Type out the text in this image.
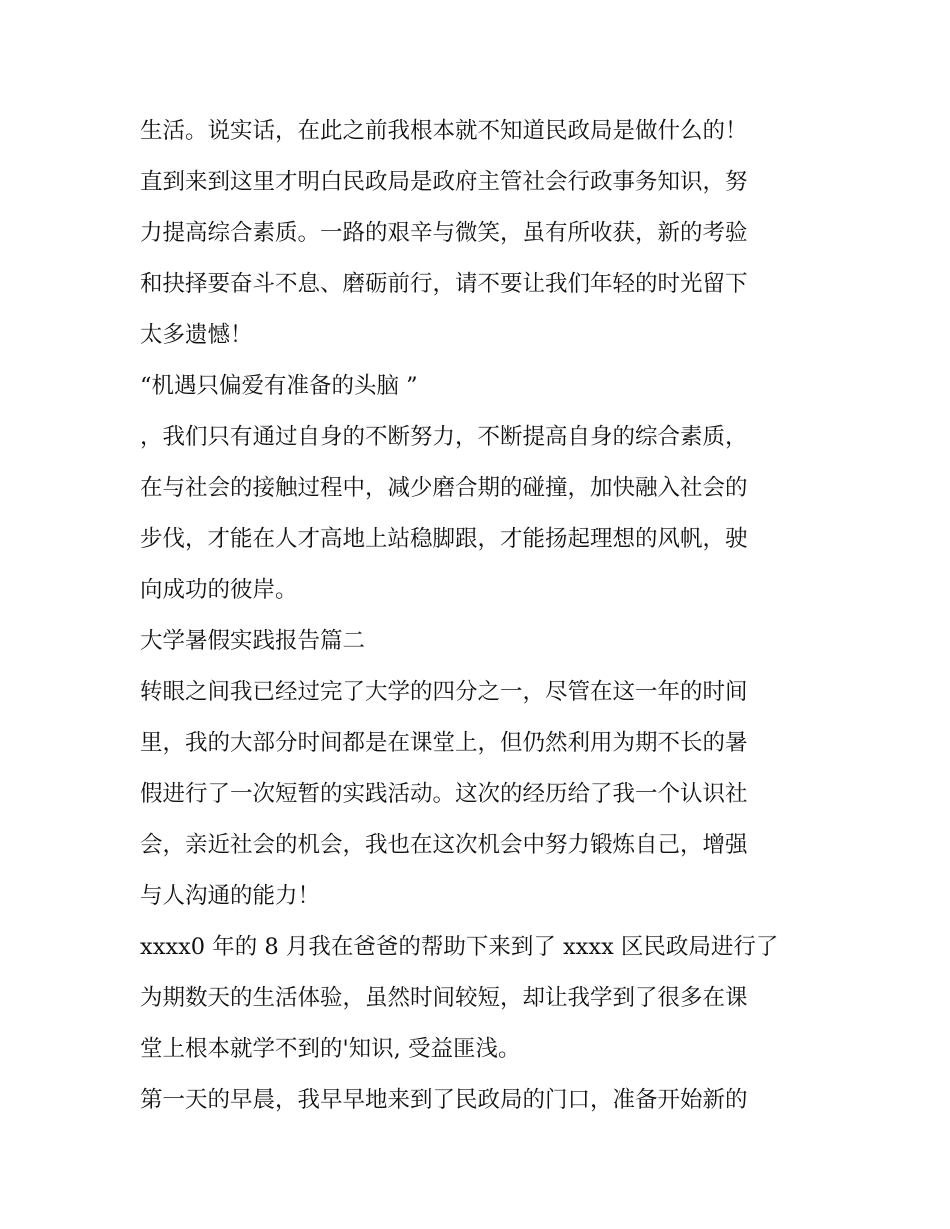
生活。说实话，在此之前我根本就不知道民政局是做什么的！
直到来到这里才明白民政局是政府主管社会行政事务知识，努
力提高综合素质。一路的艰辛与微笑，虽有所收获，新的考验
和抉择要奋斗不息、磨砺前行，请不要让我们年轻的时光留下
太多遗憾！
“机遇只偏爱有准备的头脑 ”
，我们只有通过自身的不断努力，不断提高自身的综合素质，
在与社会的接触过程中，减少磨合期的碰撞，加快融入社会的
步伐，才能在人才高地上站稳脚跟，才能扬起理想的风帆，驶
向成功的彼岸。
大学暑假实践报告篇二
转眼之间我已经过完了大学的四分之一，尽管在这一年的时间
里，我的大部分时间都是在课堂上，但仍然利用为期不长的暑
假进行了一次短暂的实践活动。这次的经历给了我一个认识社
会，亲近社会的机会，我也在这次机会中努力锻炼自己，增强
与人沟通的能力！
xxxx0 年的 8 月我在爸爸的帮助下来到了 xxxx 区民政局进行了
为期数天的生活体验，虽然时间较短，却让我学到了很多在课
堂上根本就学不到的'知识, 受益匪浅。
第一天的早晨，我早早地来到了民政局的门口，准备开始新的
